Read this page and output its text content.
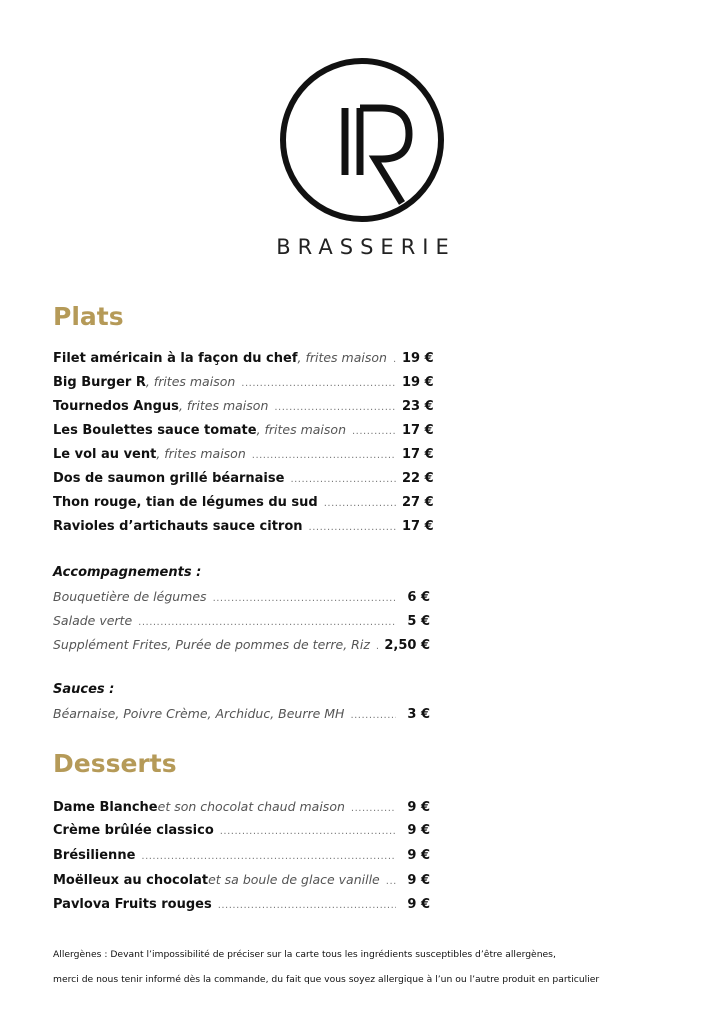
BRASSERIE
Plats
Filet américain à la façon du chef , frites maison ..... 19 €
Big Burger R , frites maison .....	19 €
Tournedos Angus , frites maison .....	23 €
Les Boulettes sauce tomate , frites maison .....	17 €
Le vol au vent , frites maison .....	17 €
Dos de saumon grillé béarnaise .....	22 €
Thon rouge, tian de légumes du sud .....	27 €
Ravioles d’artichauts sauce citron .....	17 €
Accompagnements :
Bouquetière de légumes .....	6 €
Salade verte .....	5 €
Supplément Frites, Purée de pommes de terre, Riz ..... 2,50 €
Sauces :
Béarnaise, Poivre Crème, Archiduc, Beurre MH .....	3 €
Desserts
Dame Blanche et son chocolat chaud maison .....	9 €
Crème brûlée classico .....	9 €
Brésilienne .....	9 €
Moëlleux au chocolat et sa boule de glace vanille .....	9 €
Pavlova Fruits rouges .....	9 €
Allergènes : Devant l’impossibilité de préciser sur la carte tous les ingrédients susceptibles d’être allergènes,
merci de nous tenir informé dès la commande, du fait que vous soyez allergique à l’un ou l’autre produit en particulier
